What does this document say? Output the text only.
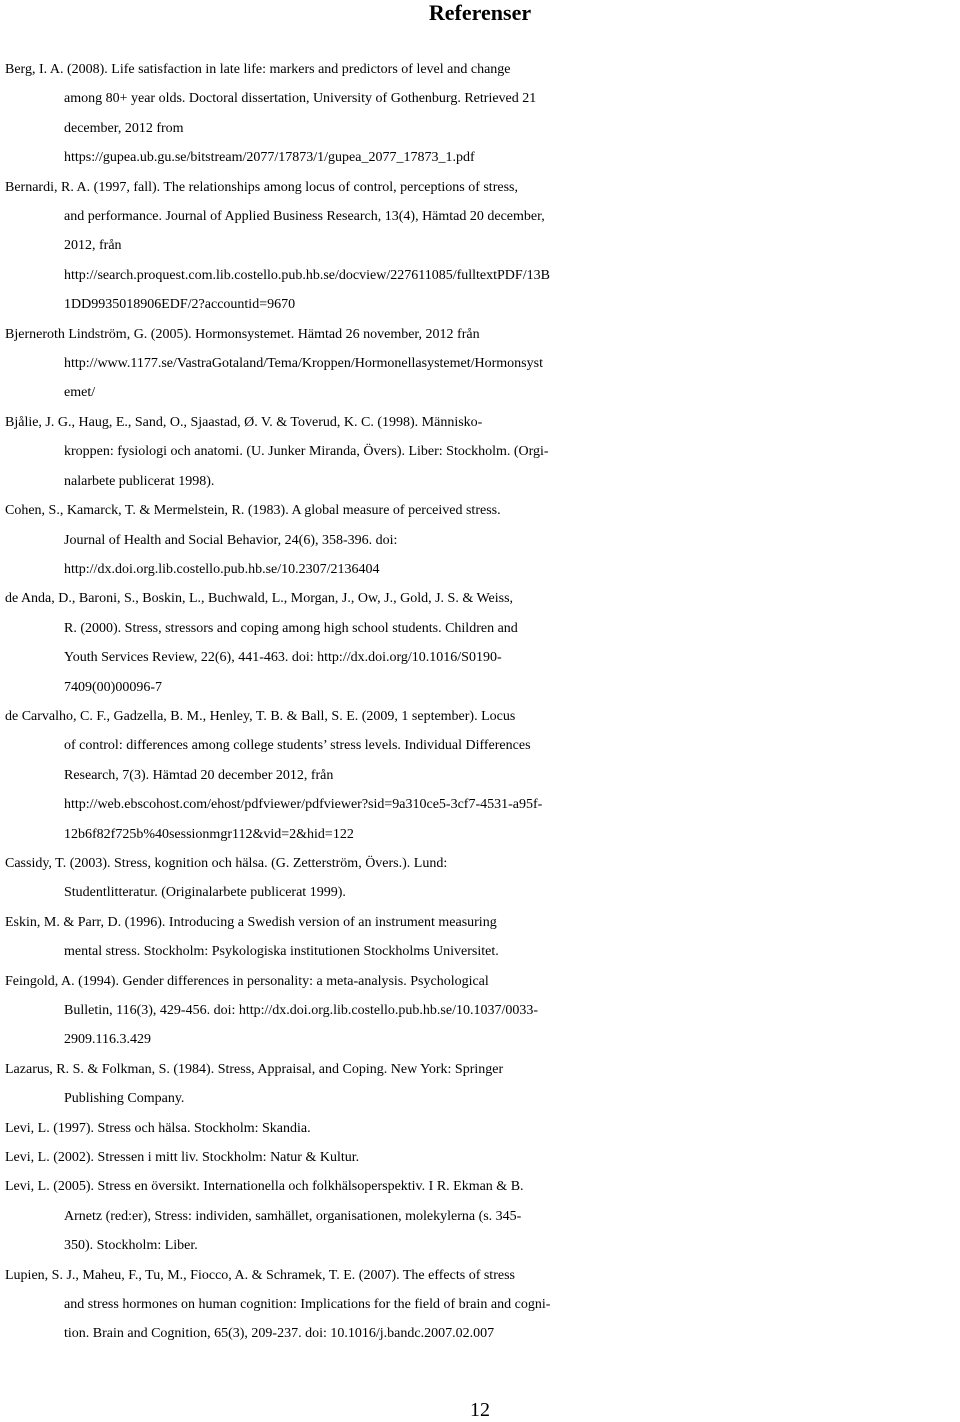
Referenser
Berg, I. A. (2008). Life satisfaction in late life: markers and predictors of level and change
among 80+ year olds. Doctoral dissertation, University of Gothenburg. Retrieved 21
december, 2012 from
https://gupea.ub.gu.se/bitstream/2077/17873/1/gupea_2077_17873_1.pdf
Bernardi, R. A. (1997, fall). The relationships among locus of control, perceptions of stress,
and performance. Journal of Applied Business Research, 13(4), Hämtad 20 december,
2012, från
http://search.proquest.com.lib.costello.pub.hb.se/docview/227611085/fulltextPDF/13B
1DD9935018906EDF/2?accountid=9670
Bjerneroth Lindström, G. (2005). Hormonsystemet. Hämtad 26 november, 2012 från
http://www.1177.se/VastraGotaland/Tema/Kroppen/Hormonellasystemet/Hormonsyst
emet/
Bjålie, J. G., Haug, E., Sand, O., Sjaastad, Ø. V. & Toverud, K. C. (1998). Människo-
kroppen: fysiologi och anatomi. (U. Junker Miranda, Övers). Liber: Stockholm. (Orgi-
nalarbete publicerat 1998).
Cohen, S., Kamarck, T. & Mermelstein, R. (1983). A global measure of perceived stress.
Journal of Health and Social Behavior, 24(6), 358-396. doi:
http://dx.doi.org.lib.costello.pub.hb.se/10.2307/2136404
de Anda, D., Baroni, S., Boskin, L., Buchwald, L., Morgan, J., Ow, J., Gold, J. S. & Weiss,
R. (2000). Stress, stressors and coping among high school students. Children and
Youth Services Review, 22(6), 441-463. doi: http://dx.doi.org/10.1016/S0190-
7409(00)00096-7
de Carvalho, C. F., Gadzella, B. M., Henley, T. B. & Ball, S. E. (2009, 1 september). Locus
of control: differences among college students’ stress levels. Individual Differences
Research, 7(3). Hämtad 20 december 2012, från
http://web.ebscohost.com/ehost/pdfviewer/pdfviewer?sid=9a310ce5-3cf7-4531-a95f-
12b6f82f725b%40sessionmgr112&vid=2&hid=122
Cassidy, T. (2003). Stress, kognition och hälsa. (G. Zetterström, Övers.). Lund:
Studentlitteratur. (Originalarbete publicerat 1999).
Eskin, M. & Parr, D. (1996). Introducing a Swedish version of an instrument measuring
mental stress. Stockholm: Psykologiska institutionen Stockholms Universitet.
Feingold, A. (1994). Gender differences in personality: a meta-analysis. Psychological
Bulletin, 116(3), 429-456. doi: http://dx.doi.org.lib.costello.pub.hb.se/10.1037/0033-
2909.116.3.429
Lazarus, R. S. & Folkman, S. (1984). Stress, Appraisal, and Coping. New York: Springer
Publishing Company.
Levi, L. (1997). Stress och hälsa. Stockholm: Skandia.
Levi, L. (2002). Stressen i mitt liv. Stockholm: Natur & Kultur.
Levi, L. (2005). Stress en översikt. Internationella och folkhälsoperspektiv. I R. Ekman & B.
Arnetz (red:er), Stress: individen, samhället, organisationen, molekylerna (s. 345-
350). Stockholm: Liber.
Lupien, S. J., Maheu, F., Tu, M., Fiocco, A. & Schramek, T. E. (2007). The effects of stress
and stress hormones on human cognition: Implications for the field of brain and cogni-
tion. Brain and Cognition, 65(3), 209-237. doi: 10.1016/j.bandc.2007.02.007
12
